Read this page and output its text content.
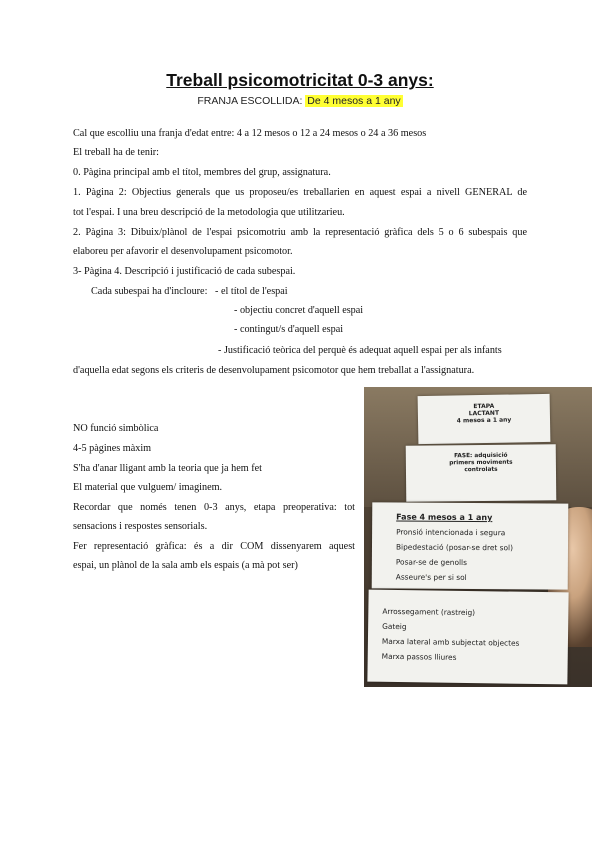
Treball psicomotricitat 0-3 anys:
FRANJA ESCOLLIDA: De 4 mesos a 1 any
Cal que escolliu una franja d'edat entre: 4 a 12 mesos o 12 a 24 mesos o 24 a 36 mesos
El treball ha de tenir:
0. Pàgina principal amb el títol, membres del grup, assignatura.
1. Pàgina 2: Objectius generals que us proposeu/es treballarien en aquest espai a nivell GENERAL de
tot l'espai. I una breu descripció de la metodologia que utilitzarieu.
2. Pàgina 3: Dibuix/plànol de l'espai psicomotriu amb la representació gràfica dels 5 o 6 subespais que
elaboreu per afavorir el desenvolupament psicomotor.
3- Pàgina 4. Descripció i justificació de cada subespai.
Cada subespai ha d'incloure:   - el títol de l'espai
- objectiu concret d'aquell espai
- contingut/s d'aquell espai
- Justificació teòrica del perquè és adequat aquell espai per als infants
d'aquella edat segons els criteris de desenvolupament psicomotor que hem treballat a l'assignatura.
NO funció simbòlica
4-5 pàgines màxim
S'ha d'anar lligant amb la teoria que ja hem fet
El material que vulguem/ imaginem.
Recordar que només tenen 0-3 anys, etapa preoperativa: tot
sensacions i respostes sensorials.
Fer representació gràfica: és a dir COM dissenyarem aquest
espai, un plànol de la sala amb els espais (a mà pot ser)
ETAPA
LACTANT
4 mesos a 1 any
FASE: adquisició
primers moviments
controlats
Fase 4 mesos a 1 any
Pronsió intencionada i segura
Bipedestació (posar-se dret sol)
Posar-se de genolls
Asseure's per si sol
Arrossegament (rastreig)
Gateig
Marxa lateral amb subjectat objectes
Marxa passos lliures
